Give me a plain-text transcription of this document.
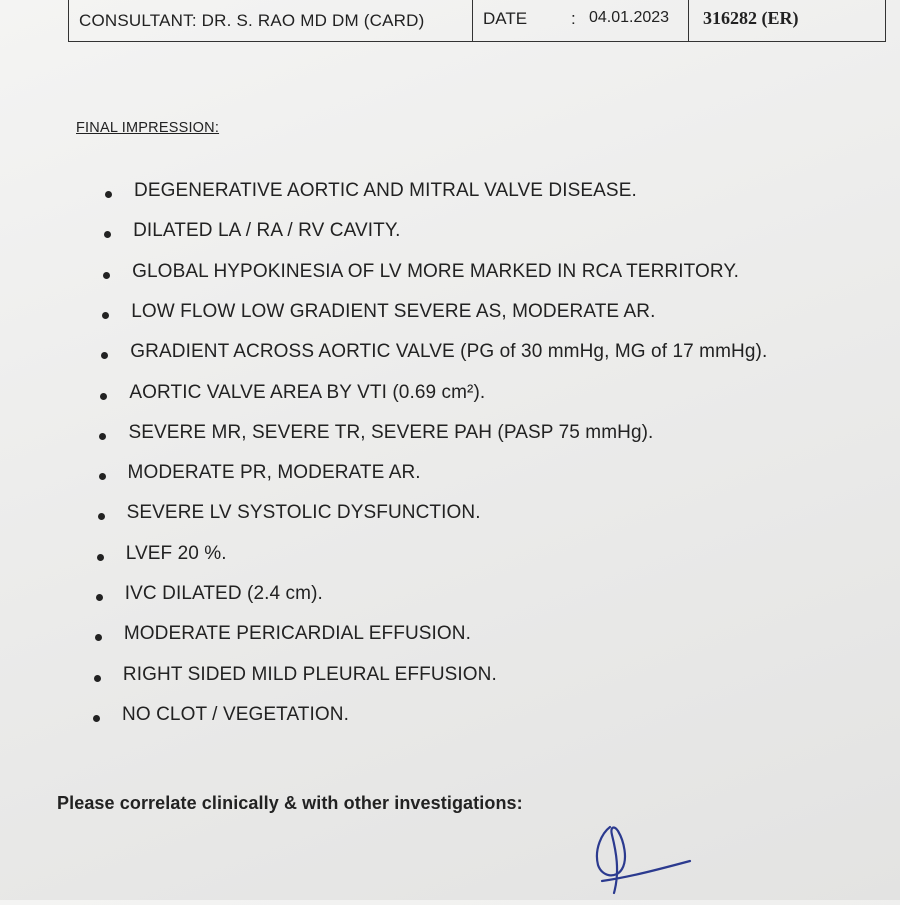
CONSULTANT: DR. S. RAO MD DM (CARD)	DATE	: 04.01.2023 316282 (ER)
FINAL IMPRESSION:
DEGENERATIVE AORTIC AND MITRAL VALVE DISEASE.
DILATED LA / RA / RV CAVITY.
GLOBAL HYPOKINESIA OF LV MORE MARKED IN RCA TERRITORY.
LOW FLOW LOW GRADIENT SEVERE AS, MODERATE AR.
GRADIENT ACROSS AORTIC VALVE (PG of 30 mmHg, MG of 17 mmHg).
AORTIC VALVE AREA BY VTI (0.69 cm²).
SEVERE MR, SEVERE TR, SEVERE PAH (PASP 75 mmHg).
MODERATE PR, MODERATE AR.
SEVERE LV SYSTOLIC DYSFUNCTION.
LVEF 20 %.
IVC DILATED (2.4 cm).
MODERATE PERICARDIAL EFFUSION.
RIGHT SIDED MILD PLEURAL EFFUSION.
NO CLOT / VEGETATION.
Please correlate clinically & with other investigations:
